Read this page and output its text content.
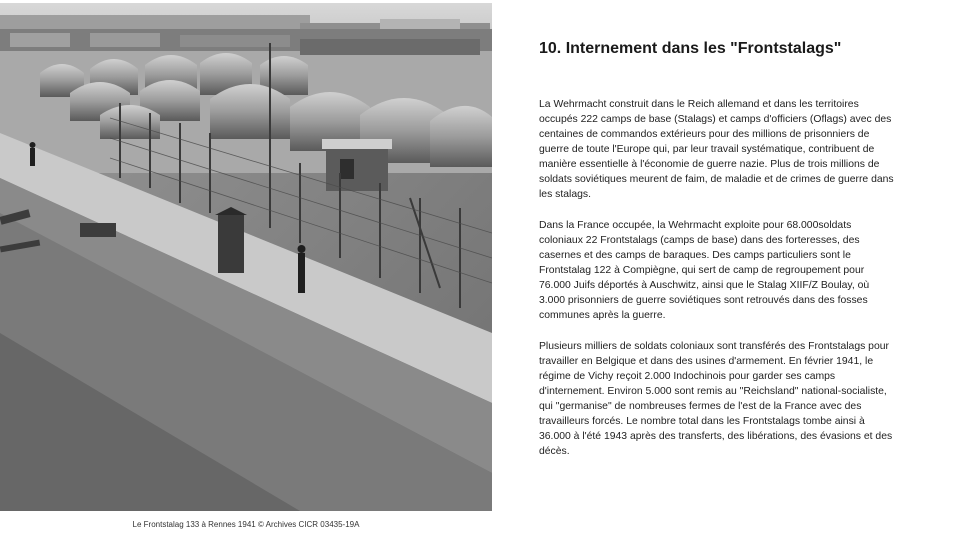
Le Frontstalag 133 à Rennes 1941 © Archives CICR 03435-19A
10. Internement dans les "Frontstalags"

La Wehrmacht construit dans le Reich allemand et dans les territoires occupés 222 camps de base (Stalags) et camps d'officiers (Oflags) avec des centaines de commandos extérieurs pour des millions de prisonniers de guerre de toute l'Europe qui, par leur travail systématique, contribuent de manière essentielle à l'économie de guerre nazie. Plus de trois millions de soldats soviétiques meurent de faim, de maladie et de crimes de guerre dans les stalags.

Dans la France occupée, la Wehrmacht exploite pour 68.000soldats coloniaux 22 Frontstalags (camps de base) dans des forteresses, des casernes et des camps de baraques. Des camps particuliers sont le Frontstalag 122 à Compiègne, qui sert de camp de regroupement pour 76.000 Juifs déportés à Auschwitz, ainsi que le Stalag XIIF/Z Boulay, où 3.000 prisonniers de guerre soviétiques sont retrouvés dans des fosses communes après la guerre.

Plusieurs milliers de soldats coloniaux sont transférés des Frontstalags pour travailler en Belgique et dans des usines d'armement. En février 1941, le régime de Vichy reçoit 2.000 Indochinois pour garder ses camps d'internement. Environ 5.000 sont remis au "Reichsland" national-socialiste, qui "germanise" de nombreuses fermes de l'est de la France avec des travailleurs forcés. Le nombre total dans les Frontstalags tombe ainsi à 36.000 à l'été 1943 après des transferts, des libérations, des évasions et des décès.
